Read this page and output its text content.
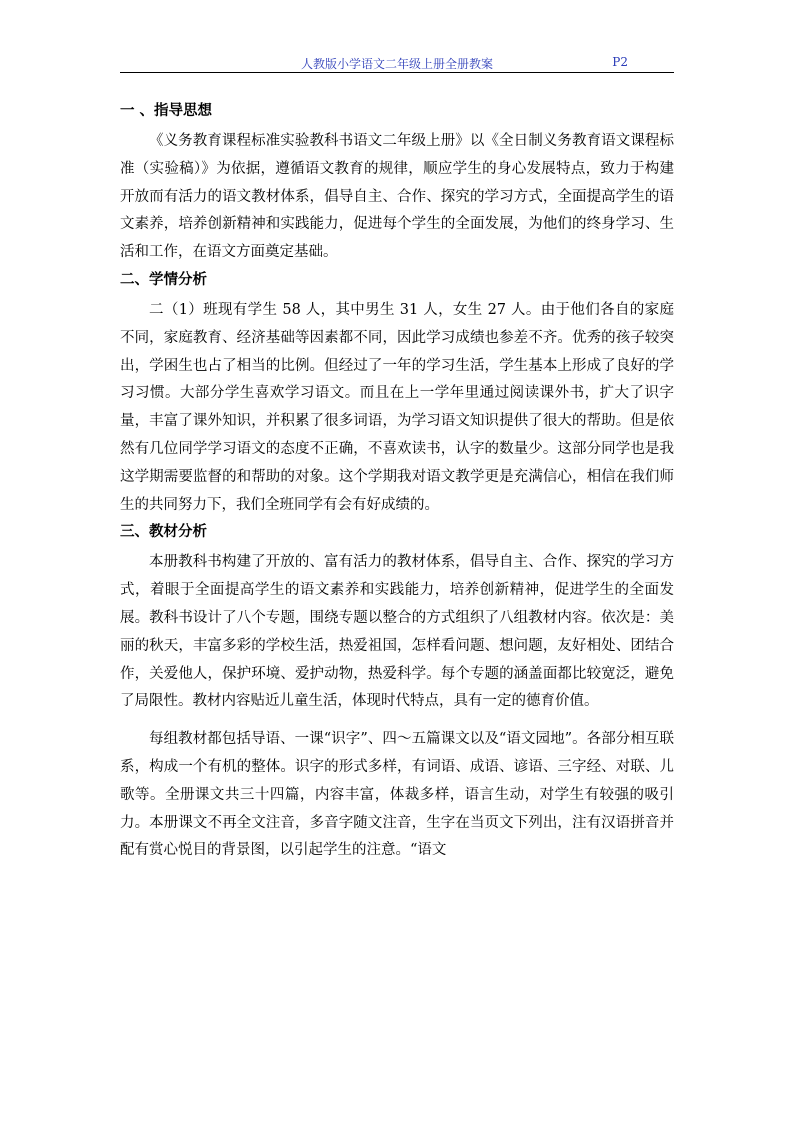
人教版小学语文二年级上册全册教案	P2
一 、指导思想

《义务教育课程标准实验教科书语文二年级上册》以《全日制义务教育语文课程标准（实验稿）》为依据，遵循语文教育的规律，顺应学生的身心发展特点，致力于构建开放而有活力的语文教材体系，倡导自主、合作、探究的学习方式，全面提高学生的语文素养，培养创新精神和实践能力，促进每个学生的全面发展，为他们的终身学习、生活和工作，在语文方面奠定基础。

二、学情分析

二（1）班现有学生 58 人，其中男生 31 人，女生 27 人。由于他们各自的家庭不同，家庭教育、经济基础等因素都不同，因此学习成绩也参差不齐。优秀的孩子较突出，学困生也占了相当的比例。但经过了一年的学习生活，学生基本上形成了良好的学习习惯。大部分学生喜欢学习语文。而且在上一学年里通过阅读课外书，扩大了识字量，丰富了课外知识，并积累了很多词语，为学习语文知识提供了很大的帮助。但是依然有几位同学学习语文的态度不正确，不喜欢读书，认字的数量少。这部分同学也是我这学期需要监督的和帮助的对象。这个学期我对语文教学更是充满信心，相信在我们师生的共同努力下，我们全班同学有会有好成绩的。

三、教材分析

本册教科书构建了开放的、富有活力的教材体系，倡导自主、合作、探究的学习方式，着眼于全面提高学生的语文素养和实践能力，培养创新精神，促进学生的全面发展。教科书设计了八个专题，围绕专题以整合的方式组织了八组教材内容。依次是：美丽的秋天，丰富多彩的学校生活，热爱祖国，怎样看问题、想问题，友好相处、团结合作，关爱他人，保护环境、爱护动物，热爱科学。每个专题的涵盖面都比较宽泛，避免了局限性。教材内容贴近儿童生活，体现时代特点，具有一定的德育价值。

每组教材都包括导语、一课“识字”、四～五篇课文以及“语文园地”。各部分相互联系，构成一个有机的整体。识字的形式多样，有词语、成语、谚语、三字经、对联、儿歌等。全册课文共三十四篇，内容丰富，体裁多样，语言生动，对学生有较强的吸引力。本册课文不再全文注音，多音字随文注音，生字在当页文下列出，注有汉语拼音并配有赏心悦目的背景图，以引起学生的注意。“语文
